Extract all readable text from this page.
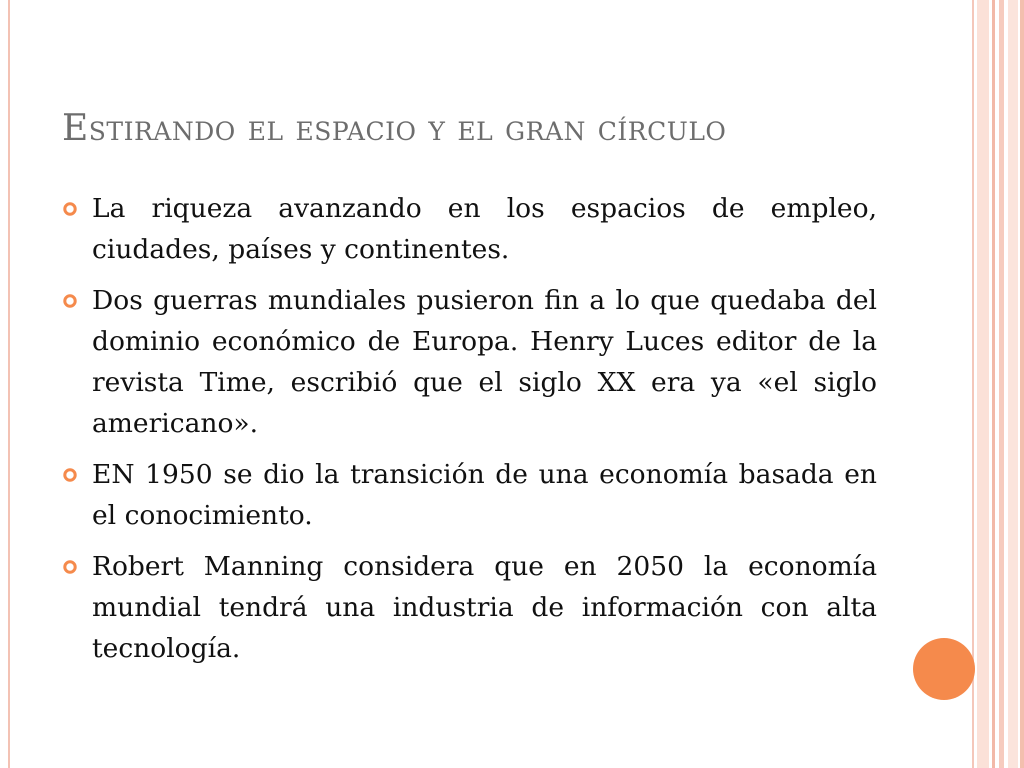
Estirando el espacio y el gran círculo
La riqueza avanzando en los espacios de empleo, ciudades, países y continentes.
Dos guerras mundiales pusieron fin a lo que quedaba del dominio económico de Europa. Henry Luces editor de la revista Time, escribió que el siglo XX era ya «el siglo americano».
EN 1950 se dio la transición de una economía basada en el conocimiento.
Robert Manning considera que en 2050 la economía mundial tendrá una industria de información con alta tecnología.
